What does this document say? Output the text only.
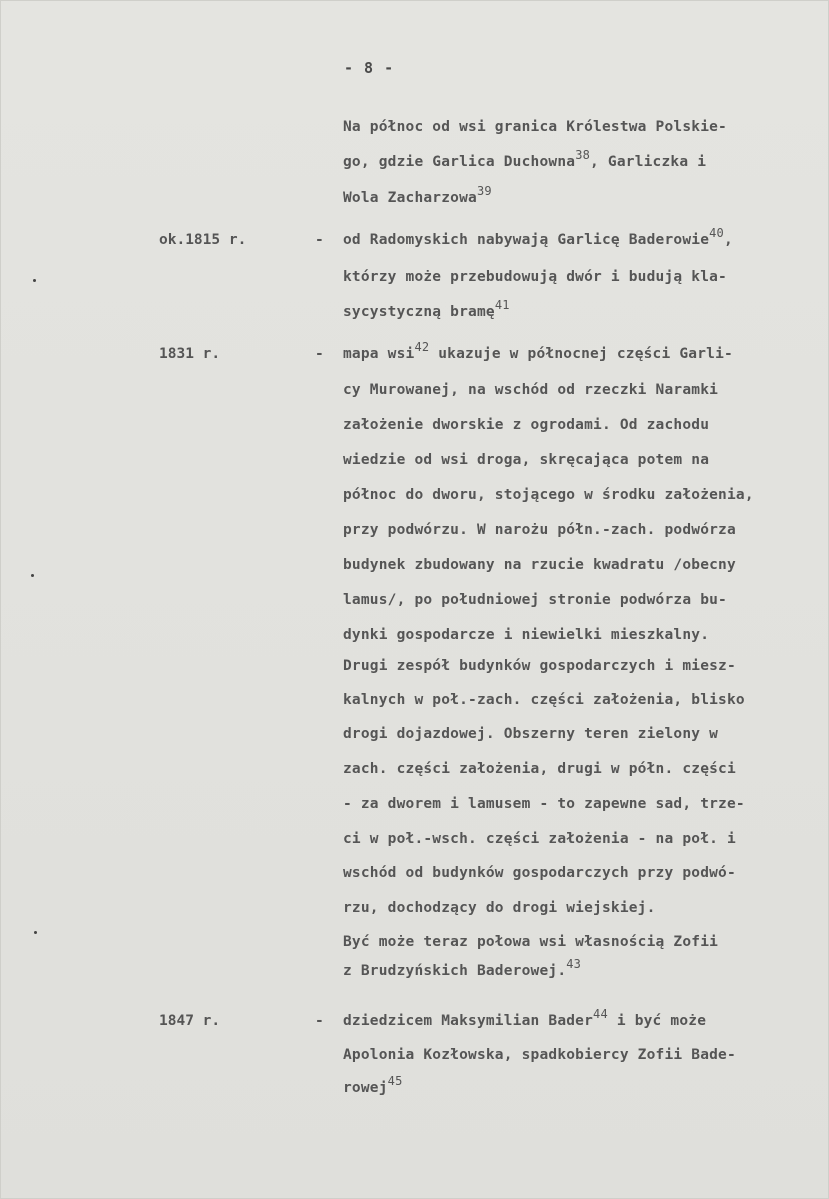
- 8 -
Na północ od wsi granica Królestwa Polskie-
go, gdzie Garlica Duchowna$^{38}$, Garliczka i
Wola Zacharzowa$^{39}$
ok.1815 r.	- od Radomyskich nabywają Garlicę Baderowie$^{40}$,
którzy może przebudowują dwór i budują kla-
sycystyczną bramę$^{41}$
1831 r.	- mapa wsi$^{42}$ ukazuje w północnej części Garli-
cy Murowanej, na wschód od rzeczki Naramki
założenie dworskie z ogrodami. Od zachodu
wiedzie od wsi droga, skręcająca potem na
północ do dworu, stojącego w środku założenia,
przy podwórzu. W narożu półn.-zach. podwórza
budynek zbudowany na rzucie kwadratu /obecny
lamus/, po południowej stronie podwórza bu-
dynki gospodarcze i niewielki mieszkalny.
Drugi zespół budynków gospodarczych i miesz-
kalnych w poł.-zach. części założenia, blisko
drogi dojazdowej. Obszerny teren zielony w
zach. części założenia, drugi w półn. części
- za dworem i lamusem - to zapewne sad, trze-
ci w poł.-wsch. części założenia - na poł. i
wschód od budynków gospodarczych przy podwó-
rzu, dochodzący do drogi wiejskiej.
Być może teraz połowa wsi własnością Zofii
z Brudzyńskich Baderowej.$^{43}$
1847 r.	- dziedzicem Maksymilian Bader$^{44}$ i być może
Apolonia Kozłowska, spadkobiercy Zofii Bade-
rowej$^{45}$
